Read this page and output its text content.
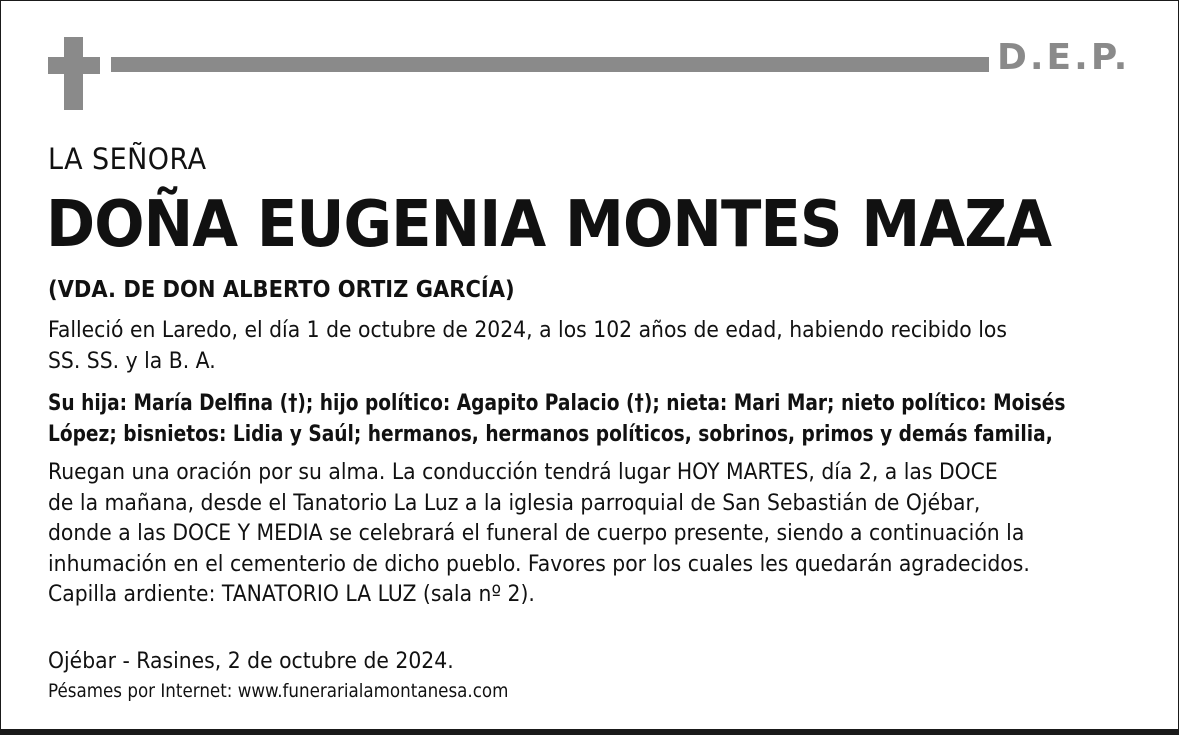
D.E.P.
LA SEÑORA
DOÑA EUGENIA MONTES MAZA
(VDA. DE DON ALBERTO ORTIZ GARCÍA)
Falleció en Laredo, el día 1 de octubre de 2024, a los 102 años de edad, habiendo recibido los
SS. SS. y la B. A.
Su hija: María Delfina (†); hijo político: Agapito Palacio (†); nieta: Mari Mar; nieto político: Moisés
López; bisnietos: Lidia y Saúl; hermanos, hermanos políticos, sobrinos, primos y demás familia,
Ruegan una oración por su alma. La conducción tendrá lugar HOY MARTES, día 2, a las DOCE
de la mañana, desde el Tanatorio La Luz a la iglesia parroquial de San Sebastián de Ojébar,
donde a las DOCE Y MEDIA se celebrará el funeral de cuerpo presente, siendo a continuación la
inhumación en el cementerio de dicho pueblo. Favores por los cuales les quedarán agradecidos.
Capilla ardiente: TANATORIO LA LUZ (sala nº 2).
Ojébar - Rasines, 2 de octubre de 2024.
Pésames por Internet: www.funerarialamontanesa.com
